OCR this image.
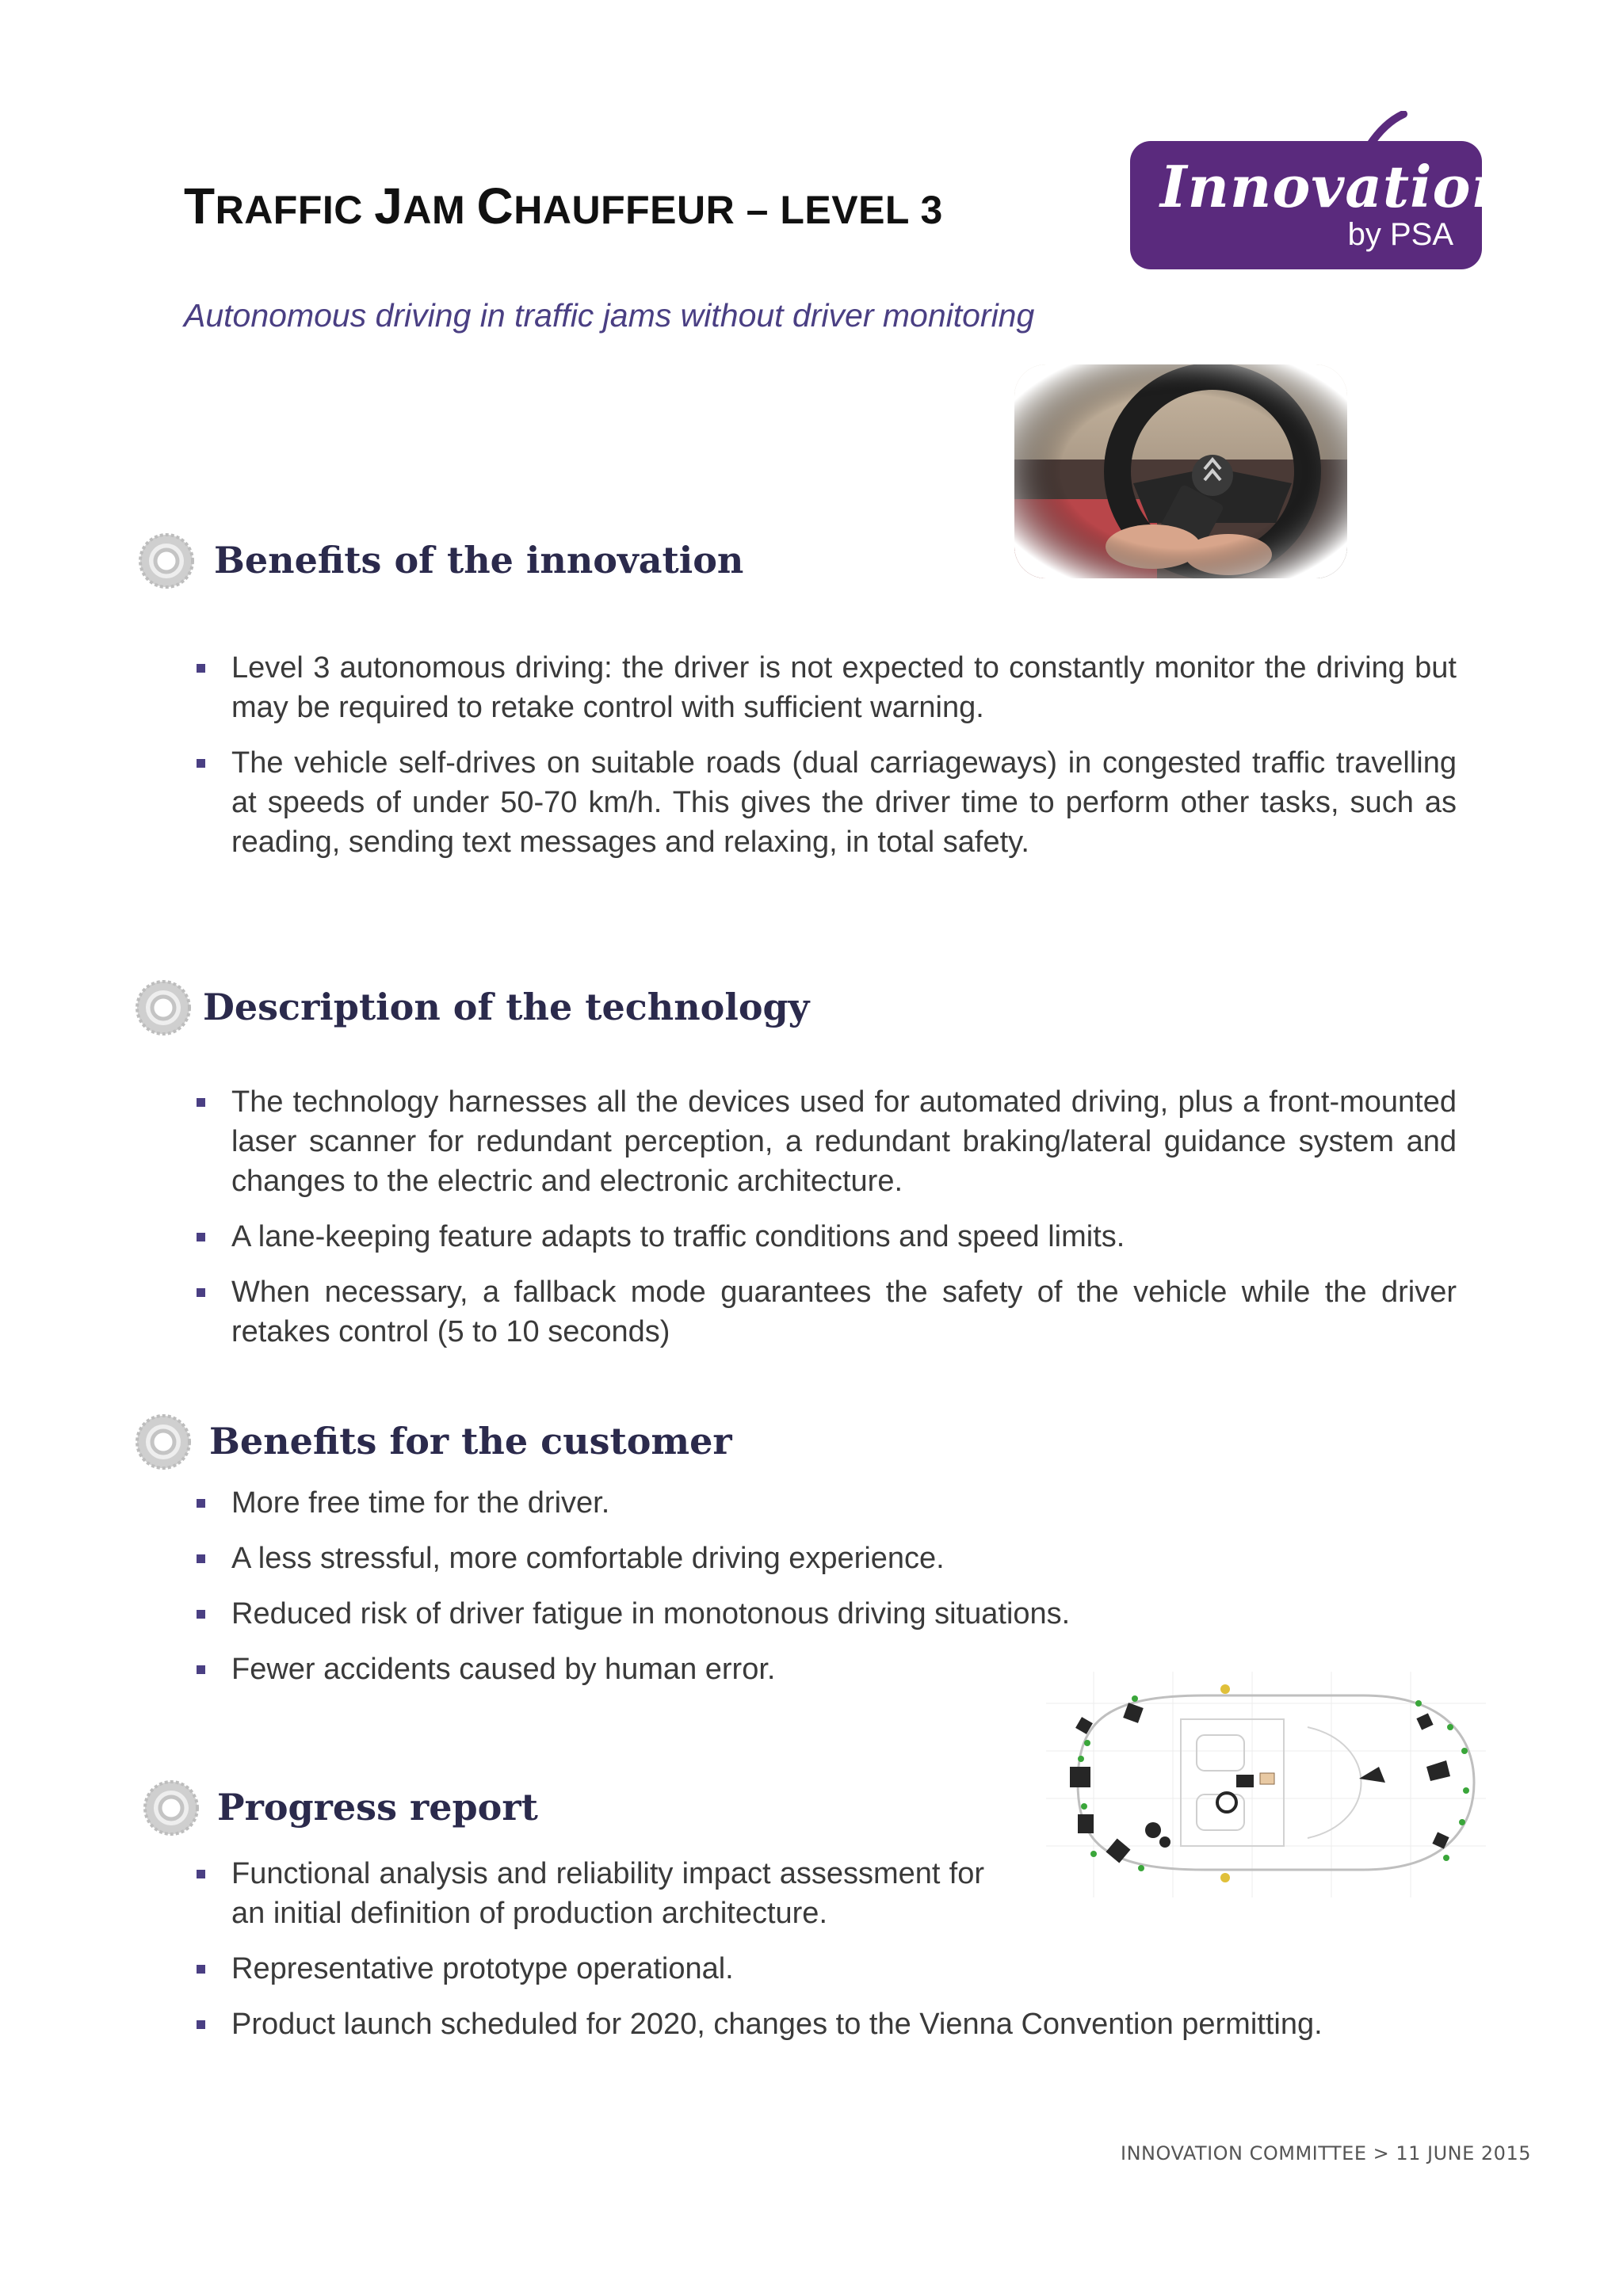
TRAFFIC JAM CHAUFFEUR – LEVEL 3

Autonomous driving in traffic jams without driver monitoring

Innovation
by PSA
Benefits of the innovation
Level 3 autonomous driving: the driver is not expected to constantly monitor the driving but may be required to retake control with sufficient warning.
The vehicle self-drives on suitable roads (dual carriageways) in congested traffic travelling at speeds of under 50-70 km/h. This gives the driver time to perform other tasks, such as reading, sending text messages and relaxing, in total safety.
Description of the technology
The technology harnesses all the devices used for automated driving, plus a front-mounted laser scanner for redundant perception, a redundant braking/lateral guidance system and changes to the electric and electronic architecture.
A lane-keeping feature adapts to traffic conditions and speed limits.
When necessary, a fallback mode guarantees the safety of the vehicle while the driver retakes control (5 to 10 seconds)
Benefits for the customer
More free time for the driver.
A less stressful, more comfortable driving experience.
Reduced risk of driver fatigue in monotonous driving situations.
Fewer accidents caused by human error.
Progress report
Functional analysis and reliability impact assessment for an initial definition of production architecture.
Representative prototype operational.
Product launch scheduled for 2020, changes to the Vienna Convention permitting.

INNOVATION COMMITTEE > 11 JUNE 2015
